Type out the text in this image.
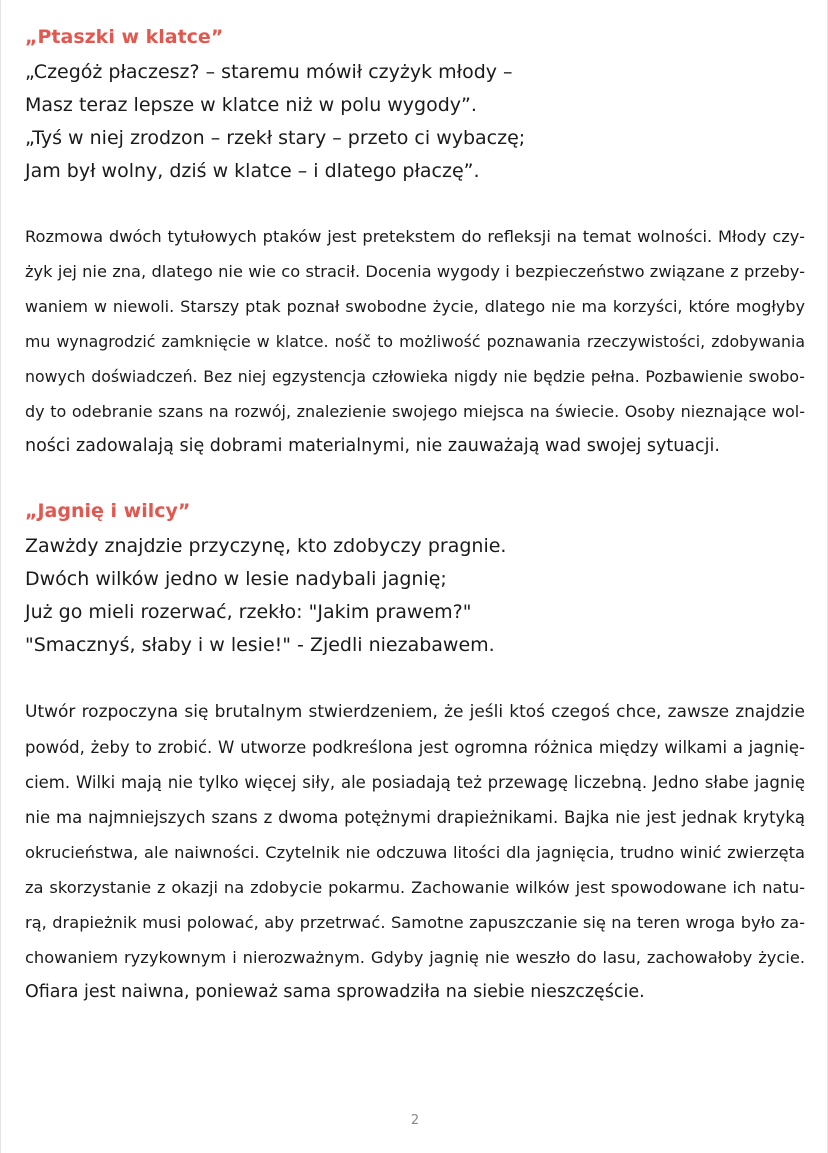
„Ptaszki w klatce”
„Czegóż płaczesz? – staremu mówił czyżyk młody –
Masz teraz lepsze w klatce niż w polu wygody”.
„Tyś w niej zrodzon – rzekł stary – przeto ci wybaczę;
Jam był wolny, dziś w klatce – i dlatego płaczę”.
Rozmowa dwóch tytułowych ptaków jest pretekstem do refleksji na temat wolności. Młody czy-
żyk jej nie zna, dlatego nie wie co stracił. Docenia wygody i bezpieczeństwo związane z przeby-
waniem w niewoli. Starszy ptak poznał swobodne życie, dlatego nie ma korzyści, które mogłyby
mu wynagrodzić zamknięcie w klatce. nośč to możliwość poznawania rzeczywistości, zdobywania
nowych doświadczeń. Bez niej egzystencja człowieka nigdy nie będzie pełna. Pozbawienie swobo-
dy to odebranie szans na rozwój, znalezienie swojego miejsca na świecie. Osoby nieznające wol-
ności zadowalają się dobrami materialnymi, nie zauważają wad swojej sytuacji.
„Jagnię i wilcy”
Zawżdy znajdzie przyczynę, kto zdobyczy pragnie.
Dwóch wilków jedno w lesie nadybali jagnię;
Już go mieli rozerwać, rzekło: "Jakim prawem?"
"Smacznyś, słaby i w lesie!" - Zjedli niezabawem.
Utwór rozpoczyna się brutalnym stwierdzeniem, że jeśli ktoś czegoś chce, zawsze znajdzie
powód, żeby to zrobić. W utworze podkreślona jest ogromna różnica między wilkami a jagnię-
ciem. Wilki mają nie tylko więcej siły, ale posiadają też przewagę liczebną. Jedno słabe jagnię
nie ma najmniejszych szans z dwoma potężnymi drapieżnikami. Bajka nie jest jednak krytyką
okrucieństwa, ale naiwności. Czytelnik nie odczuwa litości dla jagnięcia, trudno winić zwierzęta
za skorzystanie z okazji na zdobycie pokarmu. Zachowanie wilków jest spowodowane ich natu-
rą, drapieżnik musi polować, aby przetrwać. Samotne zapuszczanie się na teren wroga było za-
chowaniem ryzykownym i nierozważnym. Gdyby jagnię nie weszło do lasu, zachowałoby życie.
Ofiara jest naiwna, ponieważ sama sprowadziła na siebie nieszczęście.
2
